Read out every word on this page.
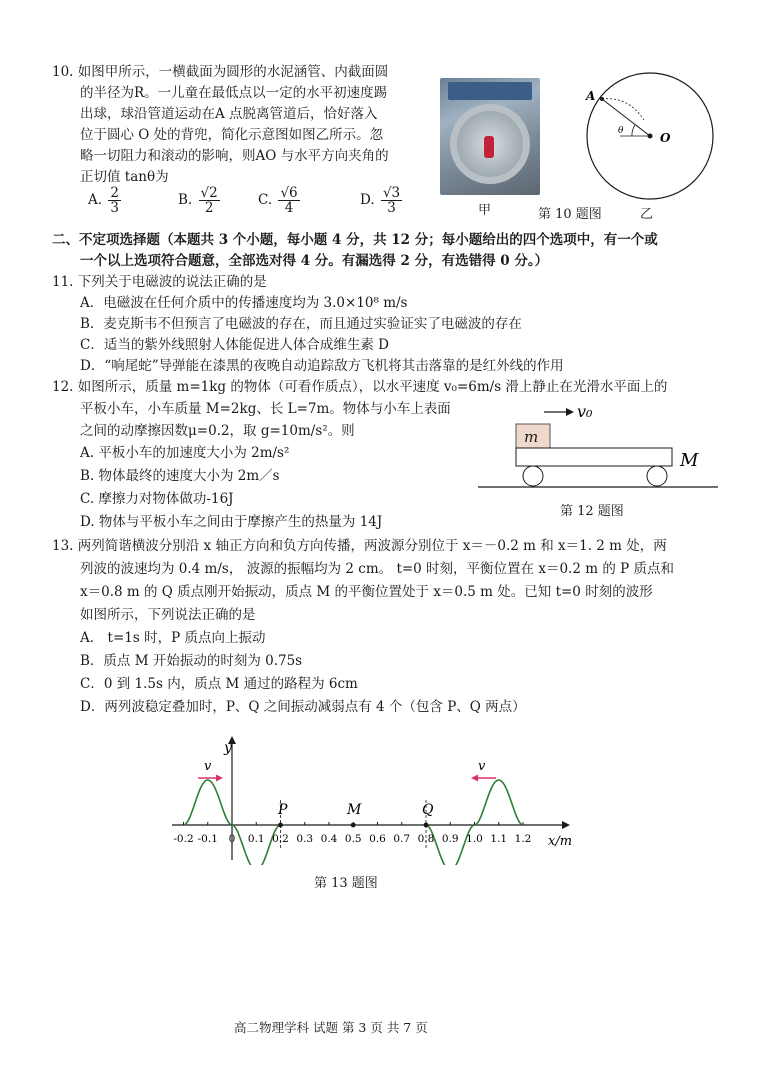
10. 如图甲所示，一横截面为圆形的水泥涵管、内截面圆
的半径为R。一儿童在最低点以一定的水平初速度踢
出球，球沿管道运动在A 点脱离管道后，恰好落入
位于圆心 O 处的背兜，简化示意图如图乙所示。忽
略一切阻力和滚动的影响，则AO 与水平方向夹角的
正切值 tanθ为
A. $\frac{2}{3}$	B. $\frac{√2}{2}$	C. $\frac{√6}{4}$	D. $\frac{√3}{3}$	甲	第 10 题图	乙
A
O
θ
二、不定项选择题（本题共 3 个小题，每小题 4 分，共 12 分；每小题给出的四个选项中，有一个或
一个以上选项符合题意，全部选对得 4 分。有漏选得 2 分，有选错得 0 分。）
11. 下列关于电磁波的说法正确的是
A．电磁波在任何介质中的传播速度均为 3.0×10⁸ m/s
B．麦克斯韦不但预言了电磁波的存在，而且通过实验证实了电磁波的存在
C．适当的紫外线照射人体能促进人体合成维生素 D
D．“响尾蛇”导弹能在漆黑的夜晚自动追踪敌方飞机将其击落靠的是红外线的作用
12. 如图所示，质量 m=1kg 的物体（可看作质点），以水平速度 v₀=6m/s 滑上静止在光滑水平面上的
平板小车，小车质量 M=2kg、长 L=7m。物体与小车上表面
之间的动摩擦因数μ=0.2，取 g=10m/s²。则
A. 平板小车的加速度大小为 2m/s²
B. 物体最终的速度大小为 2m／s
C. 摩擦力对物体做功-16J
D. 物体与平板小车之间由于摩擦产生的热量为 14J
m
v₀
M
第 12 题图
13. 两列简谐横波分别沿 x 轴正方向和负方向传播，两波源分别位于 x＝－0.2 m 和 x＝1. 2 m 处，两
列波的波速均为 0.4 m/s， 波源的振幅均为 2 cm。 t=0 时刻，平衡位置在 x＝0.2 m 的 P 质点和
x＝0.8 m 的 Q 质点刚开始振动，质点 M 的平衡位置处于 x＝0.5 m 处。已知 t=0 时刻的波形
如图所示，下列说法正确的是
A． t=1s 时，P 质点向上振动
B．质点 M 开始振动的时刻为 0.75s
C．0 到 1.5s 内，质点 M 通过的路程为 6cm
D．两列波稳定叠加时，P、Q 之间振动减弱点有 4 个（包含 P、Q 两点）
y
x/m
P	M	Q
v	v
-0.2 -0.1 0 0.1 0.2 0.3 0.4 0.5 0.6 0.7 0.8 0.9 1.0 1.1 1.2
第 13 题图
高二物理学科 试题 第 3 页 共 7 页
